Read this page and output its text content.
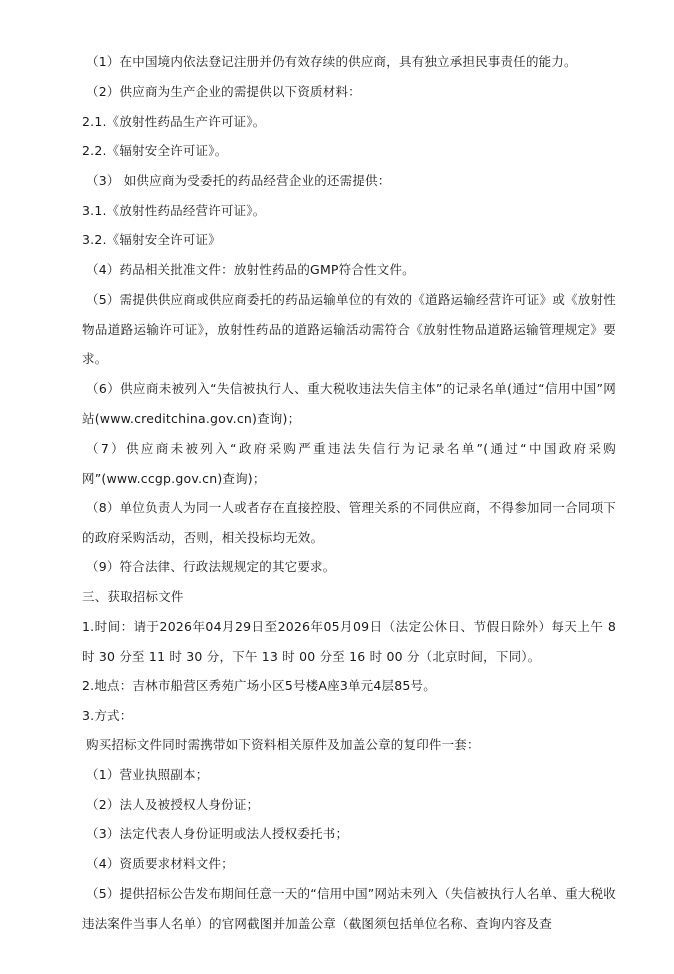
（1）在中国境内依法登记注册并仍有效存续的供应商，具有独立承担民事责任的能力。
（2）供应商为生产企业的需提供以下资质材料：
2.1.《放射性药品生产许可证》。
2.2.《辐射安全许可证》。
（3） 如供应商为受委托的药品经营企业的还需提供：
3.1.《放射性药品经营许可证》。
3.2.《辐射安全许可证》
（4）药品相关批准文件：放射性药品的GMP符合性文件。
（5）需提供供应商或供应商委托的药品运输单位的有效的《道路运输经营许可证》或《放射性物品道路运输许可证》，放射性药品的道路运输活动需符合《放射性物品道路运输管理规定》要求。
（6）供应商未被列入“失信被执行人、重大税收违法失信主体”的记录名单(通过“信用中国”网站(www.creditchina.gov.cn)查询)；
（7）供应商未被列入“政府采购严重违法失信行为记录名单”(通过“中国政府采购网”(www.ccgp.gov.cn)查询)；
（8）单位负责人为同一人或者存在直接控股、管理关系的不同供应商，不得参加同一合同项下的政府采购活动，否则，相关投标均无效。
（9）符合法律、行政法规规定的其它要求。
三、获取招标文件
1.时间：请于2026年04月29日至2026年05月09日（法定公休日、节假日除外）每天上午 8 时 30 分至 11 时 30 分，下午 13 时 00 分至 16 时 00 分（北京时间，下同）。
2.地点：吉林市船营区秀苑广场小区5号楼A座3单元4层85号。
3.方式：
购买招标文件同时需携带如下资料相关原件及加盖公章的复印件一套：
（1）营业执照副本；
（2）法人及被授权人身份证；
（3）法定代表人身份证明或法人授权委托书；
（4）资质要求材料文件；
（5）提供招标公告发布期间任意一天的“信用中国”网站未列入（失信被执行人名单、重大税收违法案件当事人名单）的官网截图并加盖公章（截图须包括单位名称、查询内容及查
